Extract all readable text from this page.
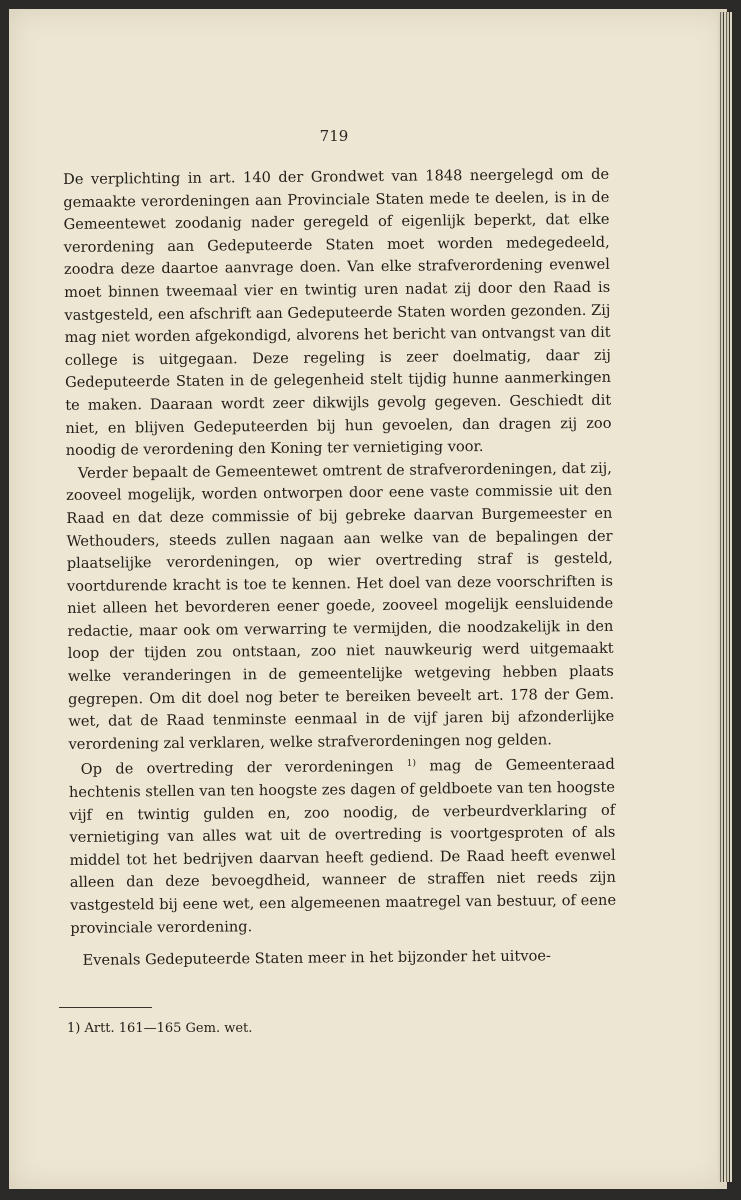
719

De verplichting in art. 140 der Grondwet van 1848 neergelegd om de gemaakte verordeningen aan Provinciale Staten mede te deelen, is in de Gemeentewet zoodanig nader geregeld of eigenlijk beperkt, dat elke verordening aan Gedeputeerde Staten moet worden medegedeeld, zoodra deze daartoe aanvrage doen. Van elke strafverordening evenwel moet binnen tweemaal vier en twintig uren nadat zij door den Raad is vastgesteld, een afschrift aan Gedeputeerde Staten worden gezonden. Zij mag niet worden afgekondigd, alvorens het bericht van ontvangst van dit college is uitgegaan. Deze regeling is zeer doelmatig, daar zij Gedeputeerde Staten in de gelegenheid stelt tijdig hunne aanmerkingen te maken. Daaraan wordt zeer dikwijls gevolg gegeven. Geschiedt dit niet, en blijven Gedeputeerden bij hun gevoelen, dan dragen zij zoo noodig de verordening den Koning ter vernietiging voor.

Verder bepaalt de Gemeentewet omtrent de strafverordeningen, dat zij, zooveel mogelijk, worden ontworpen door eene vaste commissie uit den Raad en dat deze commissie of bij gebreke daarvan Burgemeester en Wethouders, steeds zullen nagaan aan welke van de bepalingen der plaatselijke verordeningen, op wier overtreding straf is gesteld, voortdurende kracht is toe te kennen. Het doel van deze voorschriften is niet alleen het bevorderen eener goede, zooveel mogelijk eensluidende redactie, maar ook om verwarring te vermijden, die noodzakelijk in den loop der tijden zou ontstaan, zoo niet nauwkeurig werd uitgemaakt welke veranderingen in de gemeentelijke wetgeving hebben plaats gegrepen. Om dit doel nog beter te bereiken beveelt art. 178 der Gem. wet, dat de Raad tenminste eenmaal in de vijf jaren bij afzonderlijke verordening zal verklaren, welke strafverordeningen nog gelden.

Op de overtreding der verordeningen $^{1)}$ mag de Gemeenteraad hechtenis stellen van ten hoogste zes dagen of geldboete van ten hoogste vijf en twintig gulden en, zoo noodig, de verbeurdverklaring of vernietiging van alles wat uit de overtreding is voortgesproten of als middel tot het bedrijven daarvan heeft gediend. De Raad heeft evenwel alleen dan deze bevoegdheid, wanneer de straffen niet reeds zijn vastgesteld bij eene wet, een algemeenen maatregel van bestuur, of eene provinciale verordening.

Evenals Gedeputeerde Staten meer in het bijzonder het uitvoe-

1) Artt. 161—165 Gem. wet.
